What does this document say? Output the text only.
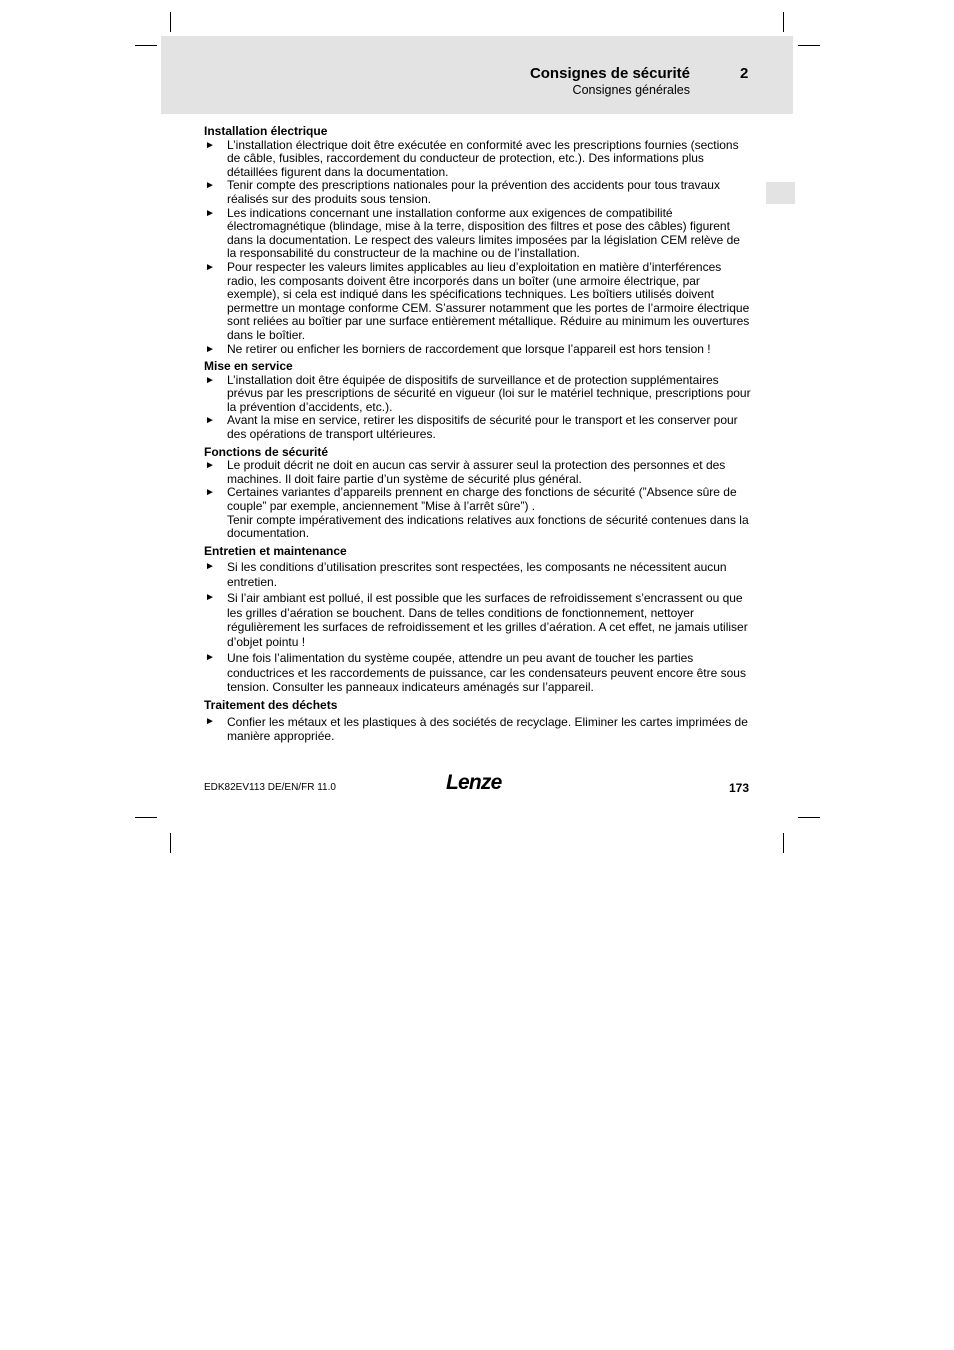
Consignes de sécurité	2
Consignes générales

Installation électrique

► L’installation électrique doit être exécutée en conformité avec les prescriptions fournies (sections de câble, fusibles, raccordement du conducteur de protection, etc.). Des informations plus détaillées figurent dans la documentation.
► Tenir compte des prescriptions nationales pour la prévention des accidents pour tous travaux réalisés sur des produits sous tension.
► Les indications concernant une installation conforme aux exigences de compatibilité électromagnétique (blindage, mise à la terre, disposition des filtres et pose des câbles) figurent dans la documentation. Le respect des valeurs limites imposées par la législation CEM relève de la responsabilité du constructeur de la machine ou de l’installation.
► Pour respecter les valeurs limites applicables au lieu d’exploitation en matière d’interférences radio, les composants doivent être incorporés dans un boîter (une armoire électrique, par exemple), si cela est indiqué dans les spécifications techniques. Les boîtiers utilisés doivent permettre un montage conforme CEM. S’assurer notamment que les portes de l’armoire électrique sont reliées au boîtier par une surface entièrement métallique. Réduire au minimum les ouvertures dans le boîtier.
► Ne retirer ou enficher les borniers de raccordement que lorsque l’appareil est hors tension !

Mise en service

► L’installation doit être équipée de dispositifs de surveillance et de protection supplémentaires prévus par les prescriptions de sécurité en vigueur (loi sur le matériel technique, prescriptions pour la prévention d’accidents, etc.).
► Avant la mise en service, retirer les dispositifs de sécurité pour le transport et les conserver pour des opérations de transport ultérieures.

Fonctions de sécurité

► Le produit décrit ne doit en aucun cas servir à assurer seul la protection des personnes et des machines. Il doit faire partie d’un système de sécurité plus général.
► Certaines variantes d’appareils prennent en charge des fonctions de sécurité (”Absence sûre de couple” par exemple, anciennement ”Mise à l’arrêt sûre”) .
Tenir compte impérativement des indications relatives aux fonctions de sécurité contenues dans la documentation.

Entretien et maintenance

► Si les conditions d’utilisation prescrites sont respectées, les composants ne nécessitent aucun entretien.
► Si l’air ambiant est pollué, il est possible que les surfaces de refroidissement s’encrassent ou que les grilles d’aération se bouchent. Dans de telles conditions de fonctionnement, nettoyer régulièrement les surfaces de refroidissement et les grilles d’aération. A cet effet, ne jamais utiliser d’objet pointu !
► Une fois l’alimentation du système coupée, attendre un peu avant de toucher les parties conductrices et les raccordements de puissance, car les condensateurs peuvent encore être sous tension. Consulter les panneaux indicateurs aménagés sur l’appareil.

Traitement des déchets

► Confier les métaux et les plastiques à des sociétés de recyclage. Eliminer les cartes imprimées de manière appropriée.
EDK82EV113 DE/EN/FR 11.0	Lenze	173
